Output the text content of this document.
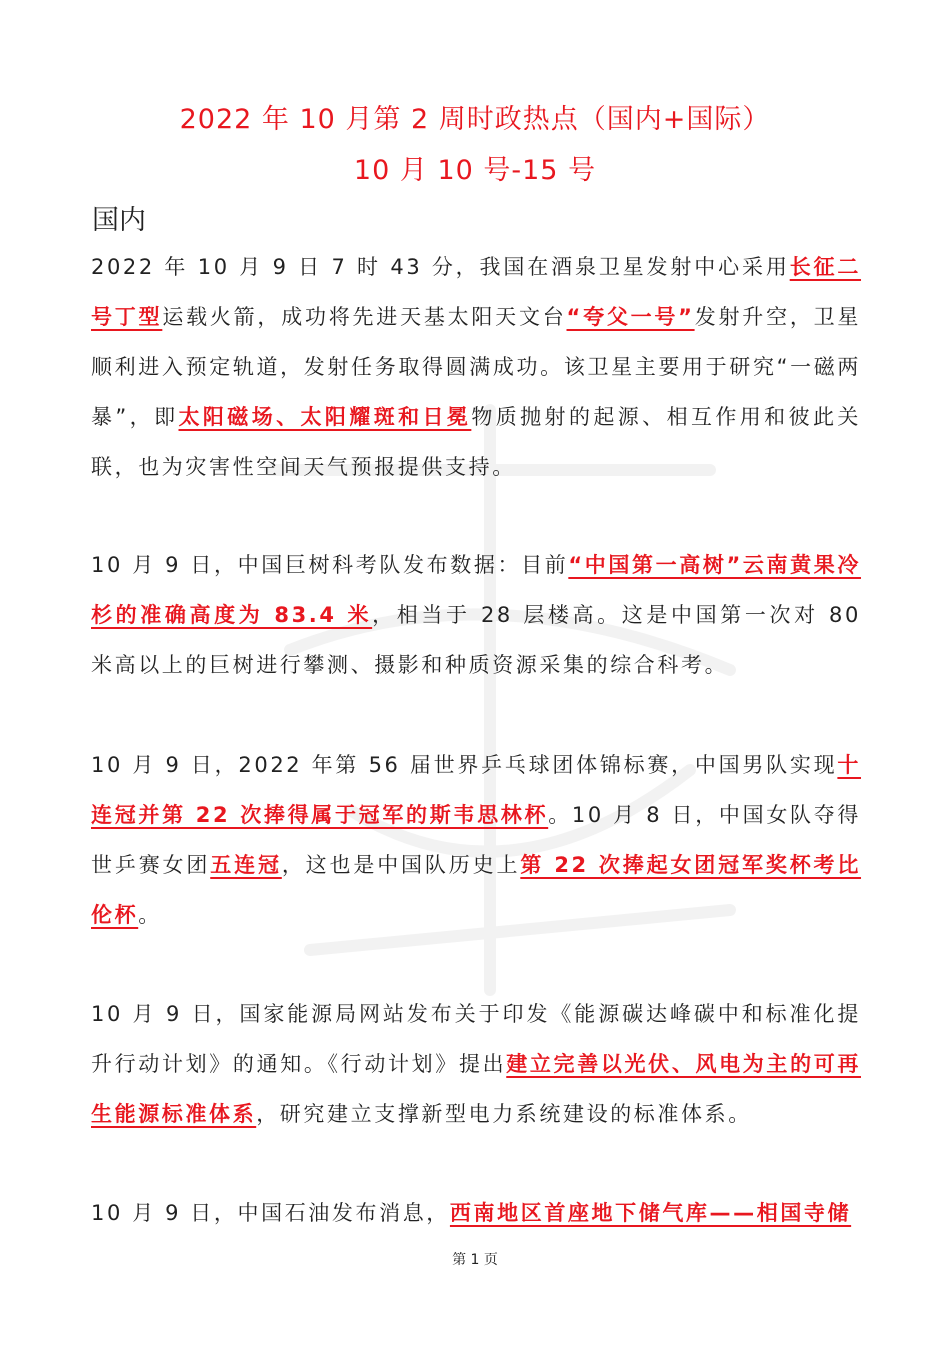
2022 年 10 月第 2 周时政热点（国内+国际）
10 月 10 号-15 号
国内

2022 年 10 月 9 日 7 时 43 分，我国在酒泉卫星发射中心采用长征二号丁型运载火箭，成功将先进天基太阳天文台“夸父一号”发射升空，卫星顺利进入预定轨道，发射任务取得圆满成功。该卫星主要用于研究“一磁两暴”，即太阳磁场、太阳耀斑和日冕物质抛射的起源、相互作用和彼此关联，也为灾害性空间天气预报提供支持。

10 月 9 日，中国巨树科考队发布数据：目前“中国第一高树”云南黄果冷杉的准确高度为 83.4 米，相当于 28 层楼高。这是中国第一次对 80 米高以上的巨树进行攀测、摄影和种质资源采集的综合科考。

10 月 9 日，2022 年第 56 届世界乒乓球团体锦标赛，中国男队实现十连冠并第 22 次捧得属于冠军的斯韦思林杯。10 月 8 日，中国女队夺得世乒赛女团五连冠，这也是中国队历史上第 22 次捧起女团冠军奖杯考比伦杯。

10 月 9 日，国家能源局网站发布关于印发《能源碳达峰碳中和标准化提升行动计划》的通知。《行动计划》提出建立完善以光伏、风电为主的可再生能源标准体系，研究建立支撑新型电力系统建设的标准体系。

10 月 9 日，中国石油发布消息，西南地区首座地下储气库——相国寺储

第 1 页
